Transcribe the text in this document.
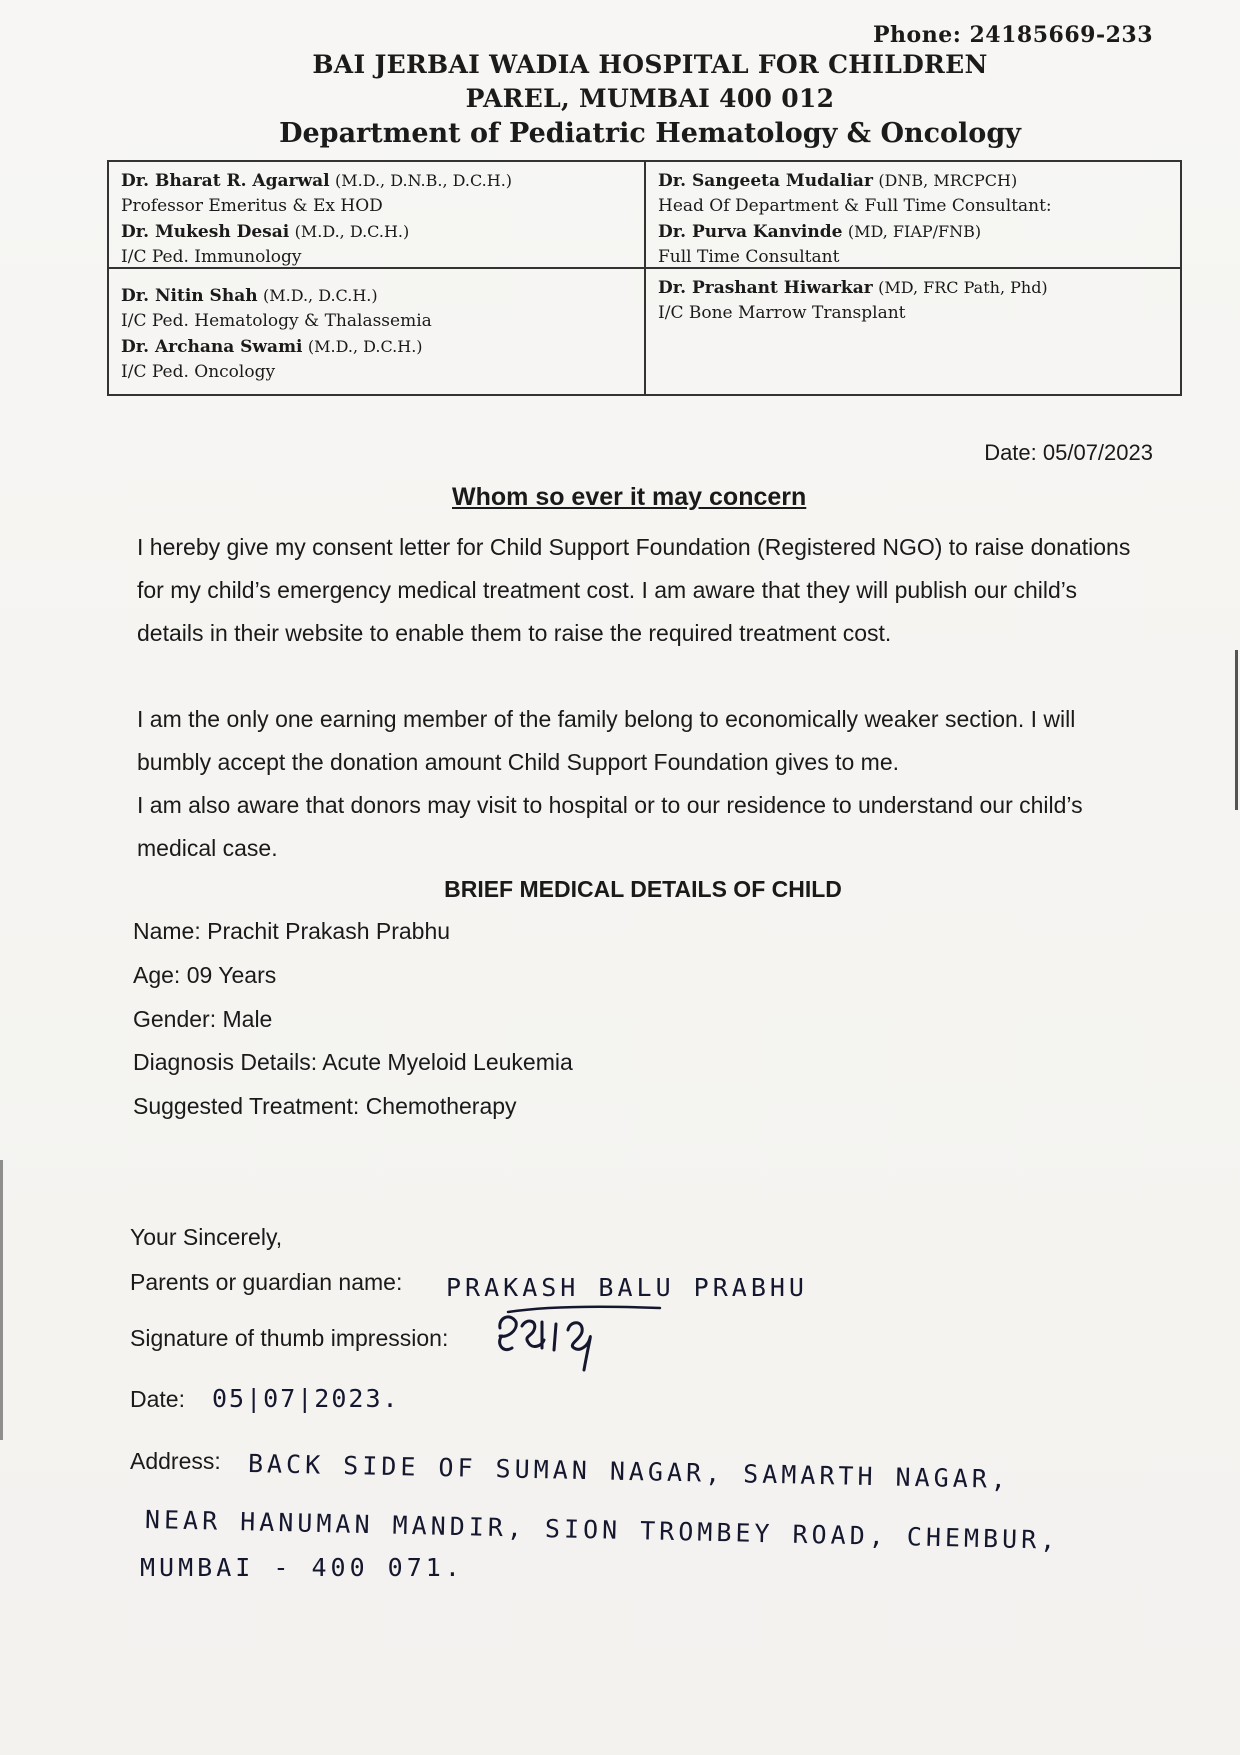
Phone: 24185669-233
BAI JERBAI WADIA HOSPITAL FOR CHILDREN
PAREL, MUMBAI 400 012
Department of Pediatric Hematology & Oncology
Dr. Bharat R. Agarwal (M.D., D.N.B., D.C.H.)
Professor Emeritus & Ex HOD
Dr. Mukesh Desai (M.D., D.C.H.)
I/C Ped. Immunology
Dr. Sangeeta Mudaliar (DNB, MRCPCH)
Head Of Department & Full Time Consultant:
Dr. Purva Kanvinde (MD, FIAP/FNB)
Full Time Consultant
Dr. Nitin Shah (M.D., D.C.H.)
I/C Ped. Hematology & Thalassemia
Dr. Archana Swami (M.D., D.C.H.)
I/C Ped. Oncology
Dr. Prashant Hiwarkar (MD, FRC Path, Phd)
I/C Bone Marrow Transplant
Date: 05/07/2023
Whom so ever it may concern
I hereby give my consent letter for Child Support Foundation (Registered NGO) to raise donations for my child’s emergency medical treatment cost. I am aware that they will publish our child’s details in their website to enable them to raise the required treatment cost.
I am the only one earning member of the family belong to economically weaker section. I will bumbly accept the donation amount Child Support Foundation gives to me.
I am also aware that donors may visit to hospital or to our residence to understand our child’s medical case.
BRIEF MEDICAL DETAILS OF CHILD
Name: Prachit Prakash Prabhu
Age: 09 Years
Gender: Male
Diagnosis Details: Acute Myeloid Leukemia
Suggested Treatment: Chemotherapy
Your Sincerely,
Parents or guardian name:
Signature of thumb impression:
Date:
Address:
PRAKASH BALU PRABHU
05|07|2023.
BACK SIDE OF SUMAN NAGAR, SAMARTH NAGAR,
NEAR HANUMAN MANDIR, SION TROMBEY ROAD, CHEMBUR,
MUMBAI - 400 071.
